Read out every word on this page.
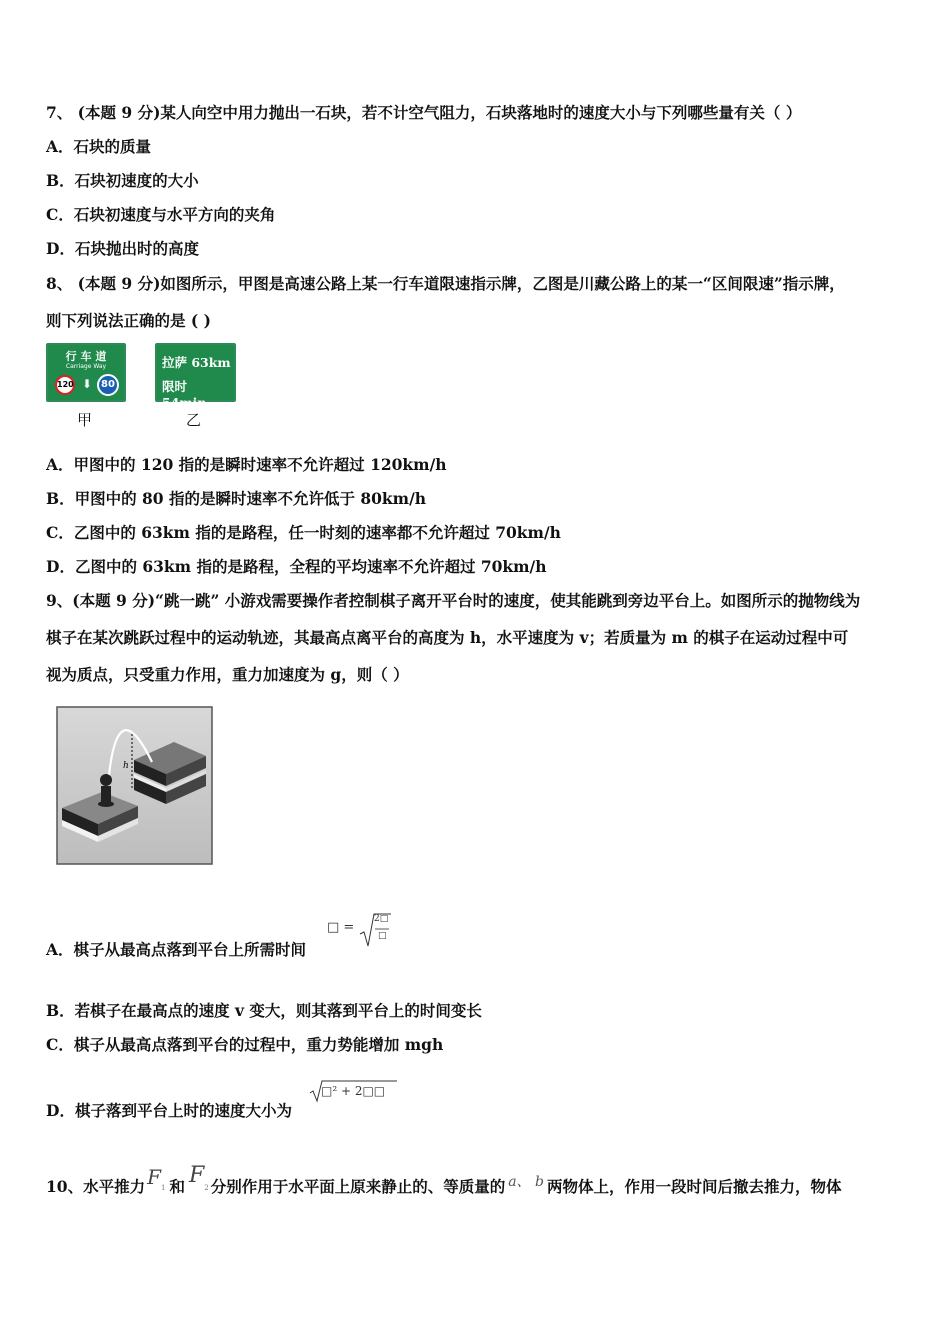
7、 (本题 9 分)某人向空中用力抛出一石块，若不计空气阻力，石块落地时的速度大小与下列哪些量有关（ ）
A．石块的质量
B．石块初速度的大小
C．石块初速度与水平方向的夹角
D．石块抛出时的高度
8、 (本题 9 分)如图所示，甲图是高速公路上某一行车道限速指示牌，乙图是川藏公路上的某一“区间限速”指示牌，
则下列说法正确的是 ( )
行 车 道
Carriage Way
120 ⬇ 80
甲
拉萨 63km
限时 54min
乙
A．甲图中的 120 指的是瞬时速率不允许超过 120km/h
B．甲图中的 80 指的是瞬时速率不允许低于 80km/h
C．乙图中的 63km 指的是路程，任一时刻的速率都不允许超过 70km/h
D．乙图中的 63km 指的是路程，全程的平均速率不允许超过 70km/h
9、(本题 9 分)“跳一跳” 小游戏需要操作者控制棋子离开平台时的速度，使其能跳到旁边平台上。如图所示的抛物线为
棋子在某次跳跃过程中的运动轨迹，其最高点离平台的高度为 h，水平速度为 v；若质量为 m 的棋子在运动过程中可
视为质点，只受重力作用，重力加速度为 g，则（ ）
h
A．棋子从最高点落到平台上所需时间
□ =
2□
□
B．若棋子在最高点的速度 v 变大，则其落到平台上的时间变长
C．棋子从最高点落到平台的过程中，重力势能增加 mgh
D．棋子落到平台上时的速度大小为
□² + 2□□
10、水平推力 F1 和 F2 分别作用于水平面上原来静止的、等质量的 a、 b 两物体上，作用一段时间后撤去推力，物体
